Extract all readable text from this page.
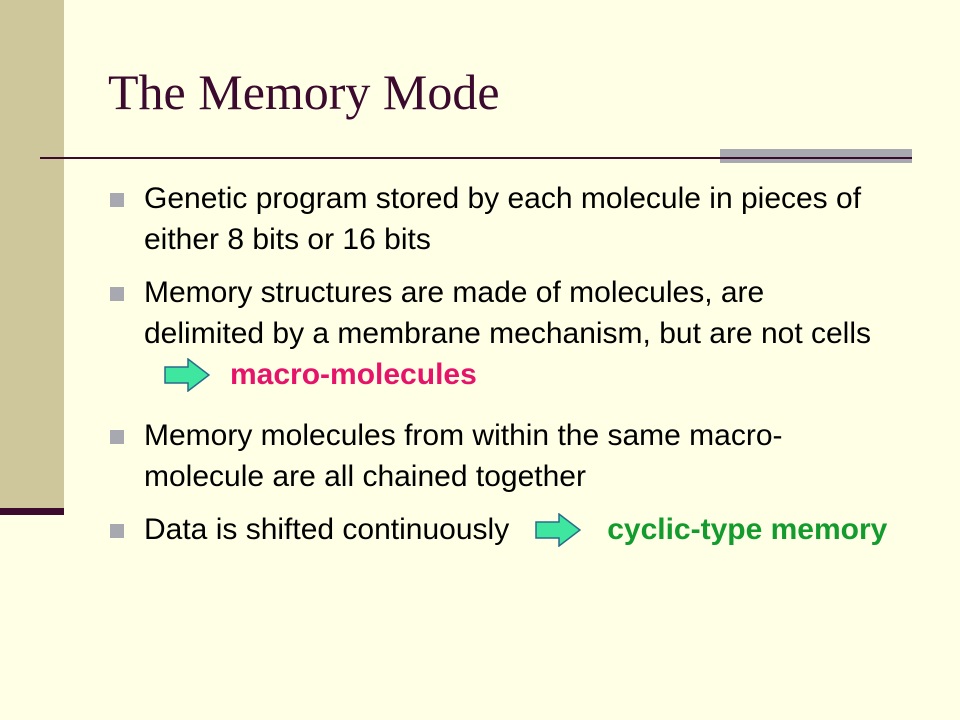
The Memory Mode
Genetic program stored by each molecule in pieces of either 8 bits or 16 bits
Memory structures are made of molecules, are delimited by a membrane mechanism, but are not cellsmacro-molecules
Memory molecules from within the same macro-molecule are all chained together
Data is shifted continuously	cyclic-type memory
